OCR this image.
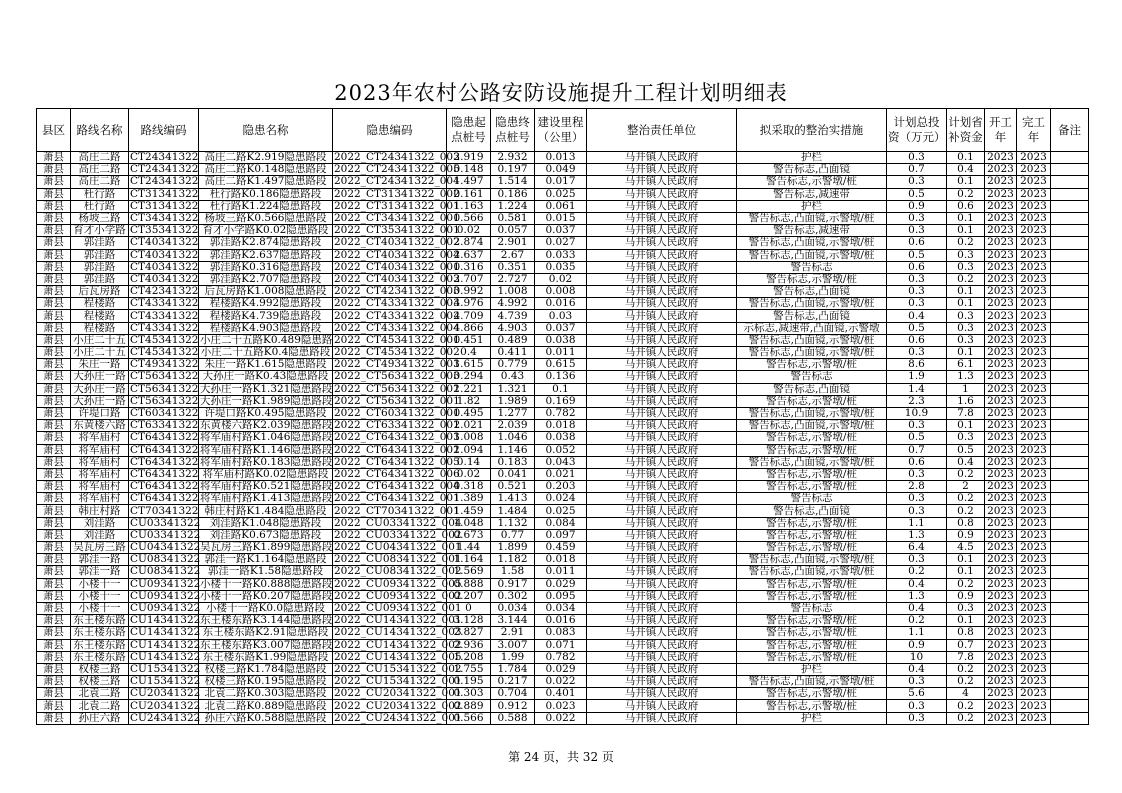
2023年农村公路安防设施提升工程计划明细表
县区	路线名称	路线编码	隐患名称	隐患编码	隐患起点桩号	隐患终点桩号	建设里程（公里）	整治责任单位	拟采取的整治实措施	计划总投资（万元）	计划省补资金	开工年	完工年	备注
萧县	高庄二路	CT24341322	高庄二路K2.919隐患路段	2022_CT24341322_003	2.919	2.932	0.013	马井镇人民政府	护栏	0.3	0.1	2023	2023	
萧县	高庄二路	CT24341322	高庄二路K0.148隐患路段	2022_CT24341322_005	0.148	0.197	0.049	马井镇人民政府	警告标志,凸面镜	0.7	0.4	2023	2023	
萧县	高庄二路	CT24341322	高庄二路K1.497隐患路段	2022_CT24341322_004	1.497	1.514	0.017	马井镇人民政府	警告标志,示警墩/桩	0.3	0.1	2023	2023	
萧县	杜行路	CT31341322	杜行路K0.186隐患路段	2022_CT31341322_002	0.161	0.186	0.025	马井镇人民政府	警告标志,减速带	0.5	0.2	2023	2023	
萧县	杜行路	CT31341322	杜行路K1.224隐患路段	2022_CT31341322_001	1.163	1.224	0.061	马井镇人民政府	护栏	0.9	0.6	2023	2023	
萧县	杨坡三路	CT34341322	杨坡三路K0.566隐患路段	2022_CT34341322_001	0.566	0.581	0.015	马井镇人民政府	警告标志,凸面镜,示警墩/桩	0.3	0.1	2023	2023	
萧县	育才小学路	CT35341322	育才小学路K0.02隐患路段	2022_CT35341322_001	0.02	0.057	0.037	马井镇人民政府	警告标志,减速带	0.3	0.1	2023	2023	
萧县	郭洼路	CT40341322	郭洼路K2.874隐患路段	2022_CT40341322_002	2.874	2.901	0.027	马井镇人民政府	警告标志,凸面镜,示警墩/桩	0.6	0.2	2023	2023	
萧县	郭洼路	CT40341322	郭洼路K2.637隐患路段	2022_CT40341322_004	2.637	2.67	0.033	马井镇人民政府	警告标志,凸面镜,示警墩/桩	0.5	0.3	2023	2023	
萧县	郭洼路	CT40341322	郭洼路K0.316隐患路段	2022_CT40341322_001	0.316	0.351	0.035	马井镇人民政府	警告标志	0.6	0.3	2023	2023	
萧县	郭洼路	CT40341322	郭洼路K2.707隐患路段	2022_CT40341322_003	2.707	2.727	0.02	马井镇人民政府	警告标志,示警墩/桩	0.3	0.2	2023	2023	
萧县	后瓦房路	CT42341322	后瓦房路K1.008隐患路段	2022_CT42341322_003	0.992	1.008	0.008	马井镇人民政府	警告标志,凸面镜	0.3	0.1	2023	2023	
萧县	程楼路	CT43341322	程楼路K4.992隐患路段	2022_CT43341322_003	4.976	4.992	0.016	马井镇人民政府	警告标志,凸面镜,示警墩/桩	0.3	0.1	2023	2023	
萧县	程楼路	CT43341322	程楼路K4.739隐患路段	2022_CT43341322_002	4.709	4.739	0.03	马井镇人民政府	警告标志,凸面镜	0.4	0.3	2023	2023	
萧县	程楼路	CT43341322	程楼路K4.903隐患路段	2022_CT43341322_004	4.866	4.903	0.037	马井镇人民政府	示标志,减速带,凸面镜,示警墩	0.5	0.3	2023	2023	
萧县	小庄二十五	CT45341322	小庄二十五路K0.489隐患路	2022_CT45341322_001	0.451	0.489	0.038	马井镇人民政府	警告标志,凸面镜,示警墩/桩	0.6	0.3	2023	2023	
萧县	小庄二十五	CT45341322	小庄二十五路K0.4隐患路段	2022_CT45341322_002	0.4	0.411	0.011	马井镇人民政府	警告标志,凸面镜,示警墩/桩	0.3	0.1	2023	2023	
萧县	朱庄一路	CT49341322	朱庄一路K1.615隐患路段	2022_CT49341322_003	1.615	0.779	0.615	马井镇人民政府	警告标志,示警墩/桩	8.6	6.1	2023	2023	
萧县	大孙庄一路	CT56341322	大孙庄一路K0.43隐患路段	2022_CT56341322_003	0.294	0.43	0.136	马井镇人民政府	警告标志	1.9	1.3	2023	2023	
萧县	大孙庄一路	CT56341322	大孙庄一路K1.321隐患路段	2022_CT56341322_002	1.221	1.321	0.1	马井镇人民政府	警告标志,凸面镜	1.4	1	2023	2023	
萧县	大孙庄一路	CT56341322	大孙庄一路K1.989隐患路段	2022_CT56341322_001	1.82	1.989	0.169	马井镇人民政府	警告标志,示警墩/桩	2.3	1.6	2023	2023	
萧县	许堤口路	CT60341322	许堤口路K0.495隐患路段	2022_CT60341322_001	0.495	1.277	0.782	马井镇人民政府	警告标志,凸面镜,示警墩/桩	10.9	7.8	2023	2023	
萧县	东黄楼六路	CT63341322	东黄楼六路K2.039隐患路段	2022_CT63341322_001	2.021	2.039	0.018	马井镇人民政府	警告标志,凸面镜,示警墩/桩	0.3	0.1	2023	2023	
萧县	将军庙村	CT64341322	将军庙村路K1.046隐患路段	2022_CT64341322_003	1.008	1.046	0.038	马井镇人民政府	警告标志,示警墩/桩	0.5	0.3	2023	2023	
萧县	将军庙村	CT64341322	将军庙村路K1.146隐患路段	2022_CT64341322_002	1.094	1.146	0.052	马井镇人民政府	警告标志,示警墩/桩	0.7	0.5	2023	2023	
萧县	将军庙村	CT64341322	将军庙村路K0.183隐患路段	2022_CT64341322_005	0.14	0.183	0.043	马井镇人民政府	警告标志,凸面镜,示警墩/桩	0.6	0.4	2023	2023	
萧县	将军庙村	CT64341322	将军庙村路K0.02隐患路段	2022_CT64341322_006	0.02	0.041	0.021	马井镇人民政府	警告标志,示警墩/桩	0.3	0.2	2023	2023	
萧县	将军庙村	CT64341322	将军庙村路K0.521隐患路段	2022_CT64341322_004	0.318	0.521	0.203	马井镇人民政府	警告标志,示警墩/桩	2.8	2	2023	2023	
萧县	将军庙村	CT64341322	将军庙村路K1.413隐患路段	2022_CT64341322_001	1.389	1.413	0.024	马井镇人民政府	警告标志	0.3	0.2	2023	2023	
萧县	韩庄村路	CT70341322	韩庄村路K1.484隐患路段	2022_CT70341322_001	1.459	1.484	0.025	马井镇人民政府	警告标志,凸面镜	0.3	0.2	2023	2023	
萧县	刘洼路	CU03341322	刘洼路K1.048隐患路段	2022_CU03341322_004	1.048	1.132	0.084	马井镇人民政府	警告标志,示警墩/桩	1.1	0.8	2023	2023	
萧县	刘洼路	CU03341322	刘洼路K0.673隐患路段	2022_CU03341322_002	0.673	0.77	0.097	马井镇人民政府	警告标志,示警墩/桩	1.3	0.9	2023	2023	
萧县	吴瓦房三路	CU04341322	吴瓦房三路K1.899隐患路段	2022_CU04341322_001	1.44	1.899	0.459	马井镇人民政府	警告标志,示警墩/桩	6.4	4.5	2023	2023	
萧县	郭洼一路	CU08341322	郭洼一路K1.164隐患路段	2022_CU08341322_001	1.164	1.182	0.018	马井镇人民政府	警告标志,凸面镜,示警墩/桩	0.3	0.1	2023	2023	
萧县	郭洼一路	CU08341322	郭洼一路K1.58隐患路段	2022_CU08341322_002	1.569	1.58	0.011	马井镇人民政府	警告标志,凸面镜,示警墩/桩	0.2	0.1	2023	2023	
萧县	小楼十一	CU09341322	小楼十一路K0.888隐患路段	2022_CU09341322_005	0.888	0.917	0.029	马井镇人民政府	警告标志,示警墩/桩	0.4	0.2	2023	2023	
萧县	小楼十一	CU09341322	小楼十一路K0.207隐患路段	2022_CU09341322_002	0.207	0.302	0.095	马井镇人民政府	警告标志,示警墩/桩	1.3	0.9	2023	2023	
萧县	小楼十一	CU09341322	小楼十一路K0.0隐患路段	2022_CU09341322_001	0	0.034	0.034	马井镇人民政府	警告标志	0.4	0.3	2023	2023	
萧县	东王楼东路	CU14341322	东王楼东路K3.144隐患路段	2022_CU14341322_001	3.128	3.144	0.016	马井镇人民政府	警告标志,示警墩/桩	0.2	0.1	2023	2023	
萧县	东王楼东路	CU14341322	东王楼东路K2.91隐患路段	2022_CU14341322_003	2.827	2.91	0.083	马井镇人民政府	警告标志,示警墩/桩	1.1	0.8	2023	2023	
萧县	东王楼东路	CU14341322	东王楼东路K3.007隐患路段	2022_CU14341322_002	2.936	3.007	0.071	马井镇人民政府	警告标志,示警墩/桩	0.9	0.7	2023	2023	
萧县	东王楼东路	CU14341322	东王楼东路K1.99隐患路段	2022_CU14341322_005	1.208	1.99	0.782	马井镇人民政府	警告标志,示警墩/桩	10	7.8	2023	2023	
萧县	权楼三路	CU15341322	权楼三路K1.784隐患路段	2022_CU15341322_002	1.755	1.784	0.029	马井镇人民政府	护栏	0.4	0.2	2023	2023	
萧县	权楼三路	CU15341322	权楼三路K0.195隐患路段	2022_CU15341322_001	0.195	0.217	0.022	马井镇人民政府	警告标志,凸面镜,示警墩/桩	0.3	0.2	2023	2023	
萧县	北袁二路	CU20341322	北袁二路K0.303隐患路段	2022_CU20341322_001	0.303	0.704	0.401	马井镇人民政府	警告标志,示警墩/桩	5.6	4	2023	2023	
萧县	北袁二路	CU20341322	北袁二路K0.889隐患路段	2022_CU20341322_002	0.889	0.912	0.023	马井镇人民政府	警告标志,示警墩/桩	0.3	0.2	2023	2023	
萧县	孙庄六路	CU24341322	孙庄六路K0.588隐患路段	2022_CU24341322_001	0.566	0.588	0.022	马井镇人民政府	护栏	0.3	0.2	2023	2023	
第 24 页，共 32 页
